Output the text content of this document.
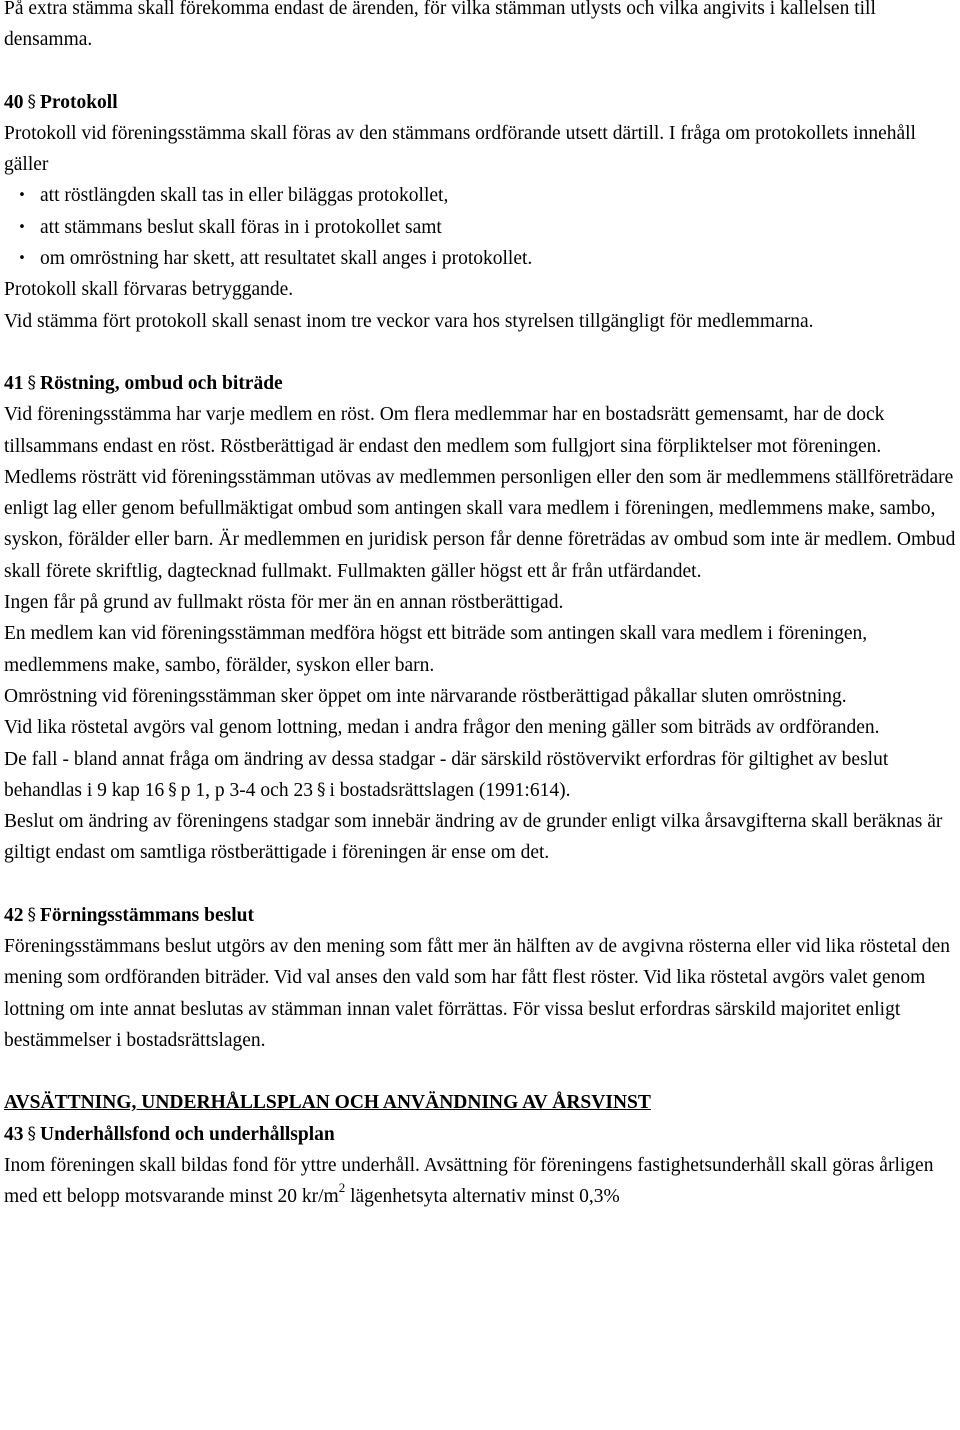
På extra stämma skall förekomma endast de ärenden, för vilka stämman utlysts och vilka angivits i kallelsen till densamma.

40 § Protokoll

Protokoll vid föreningsstämma skall föras av den stämmans ordförande utsett därtill. I fråga om protokollets innehåll gäller

• att röstlängden skall tas in eller biläggas protokollet,
• att stämmans beslut skall föras in i protokollet samt
• om omröstning har skett, att resultatet skall anges i protokollet.

Protokoll skall förvaras betryggande.

Vid stämma fört protokoll skall senast inom tre veckor vara hos styrelsen tillgängligt för medlemmarna.

41 § Röstning, ombud och biträde

Vid föreningsstämma har varje medlem en röst. Om flera medlemmar har en bostadsrätt gemensamt, har de dock tillsammans endast en röst. Röstberättigad är endast den medlem som fullgjort sina förpliktelser mot föreningen.

Medlems rösträtt vid föreningsstämman utövas av medlemmen personligen eller den som är medlemmens ställföreträdare enligt lag eller genom befullmäktigat ombud som antingen skall vara medlem i föreningen, medlemmens make, sambo, syskon, förälder eller barn. Är medlemmen en juridisk person får denne företrädas av ombud som inte är medlem. Ombud skall förete skriftlig, dagtecknad fullmakt. Fullmakten gäller högst ett år från utfärdandet.

Ingen får på grund av fullmakt rösta för mer än en annan röstberättigad.

En medlem kan vid föreningsstämman medföra högst ett biträde som antingen skall vara medlem i föreningen, medlemmens make, sambo, förälder, syskon eller barn.

Omröstning vid föreningsstämman sker öppet om inte närvarande röstberättigad påkallar sluten omröstning.

Vid lika röstetal avgörs val genom lottning, medan i andra frågor den mening gäller som biträds av ordföranden.

De fall - bland annat fråga om ändring av dessa stadgar - där särskild röstövervikt erfordras för giltighet av beslut behandlas i 9 kap 16 § p 1, p 3-4 och 23 § i bostadsrättslagen (1991:614).

Beslut om ändring av föreningens stadgar som innebär ändring av de grunder enligt vilka årsavgifterna skall beräknas är giltigt endast om samtliga röstberättigade i föreningen är ense om det.

42 § Förningsstämmans beslut

Föreningsstämmans beslut utgörs av den mening som fått mer än hälften av de avgivna rösterna eller vid lika röstetal den mening som ordföranden biträder. Vid val anses den vald som har fått flest röster. Vid lika röstetal avgörs valet genom lottning om inte annat beslutas av stämman innan valet förrättas. För vissa beslut erfordras särskild majoritet enligt bestämmelser i bostadsrättslagen.

AVSÄTTNING, UNDERHÅLLSPLAN OCH ANVÄNDNING AV ÅRSVINST

43 § Underhållsfond och underhållsplan

Inom föreningen skall bildas fond för yttre underhåll. Avsättning för föreningens fastighetsunderhåll skall göras årligen med ett belopp motsvarande minst 20 $kr/m^2$ lägenhetsyta alternativ minst 0,3%
